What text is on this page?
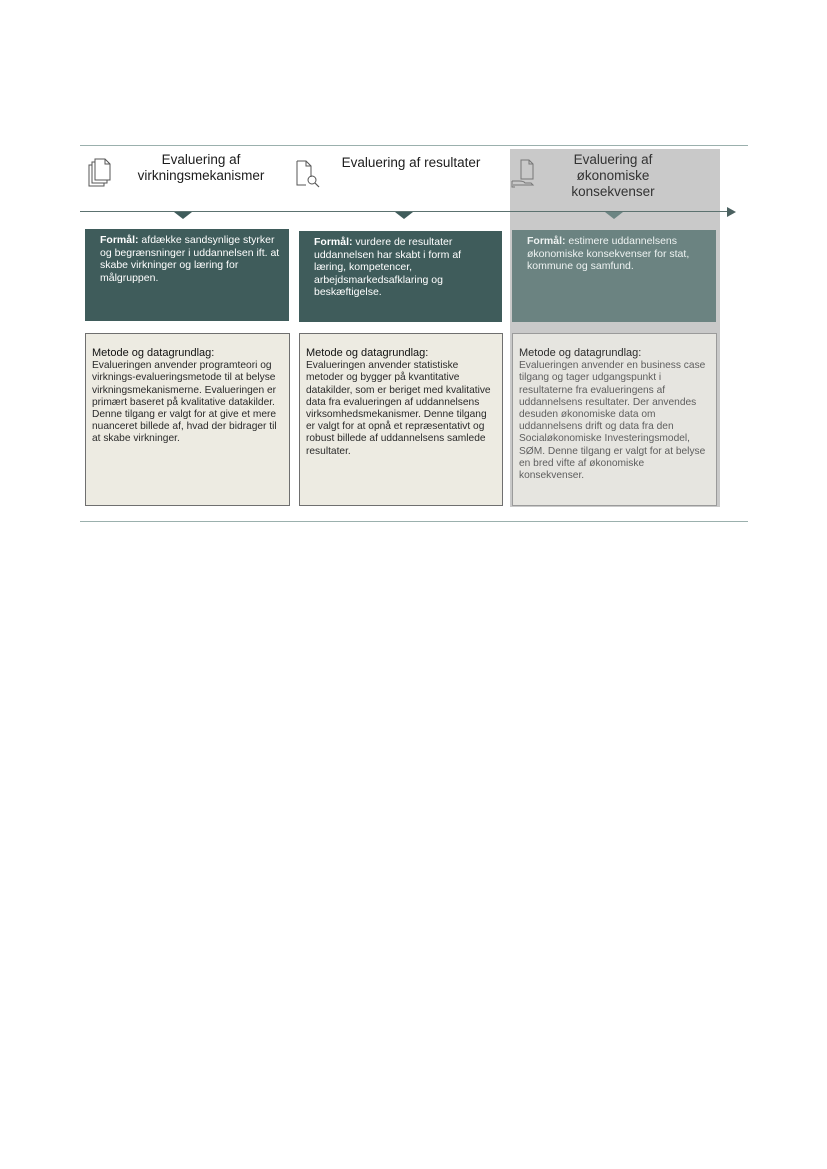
Evaluering af virkningsmekanismer
Evaluering af resultater	Evaluering af økonomiske konsekvenser
Formål: afdække sandsynlige styrker og begrænsninger i uddannelsen ift. at skabe virkninger og læring for målgruppen.
Formål: vurdere de resultater uddannelsen har skabt i form af læring, kompetencer, arbejdsmarkedsafklaring og beskæftigelse.
Formål: estimere uddannelsens økonomiske konsekvenser for stat, kommune og samfund.
Metode og datagrundlag:
Evalueringen anvender programteori og virknings-evalueringsmetode til at belyse virkningsmekanismerne. Evalueringen er primært baseret på kvalitative datakilder. Denne tilgang er valgt for at give et mere nuanceret billede af, hvad der bidrager til at skabe virkninger.
Metode og datagrundlag:
Evalueringen anvender statistiske metoder og bygger på kvantitative datakilder, som er beriget med kvalitative data fra evalueringen af uddannelsens virksomhedsmekanismer. Denne tilgang er valgt for at opnå et repræsentativt og robust billede af uddannelsens samlede resultater.
Metode og datagrundlag:
Evalueringen anvender en business case tilgang og tager udgangspunkt i resultaterne fra evalueringens af uddannelsens resultater. Der anvendes desuden økonomiske data om uddannelsens drift og data fra den Socialøkonomiske Investeringsmodel, SØM. Denne tilgang er valgt for at belyse en bred vifte af økonomiske konsekvenser.
